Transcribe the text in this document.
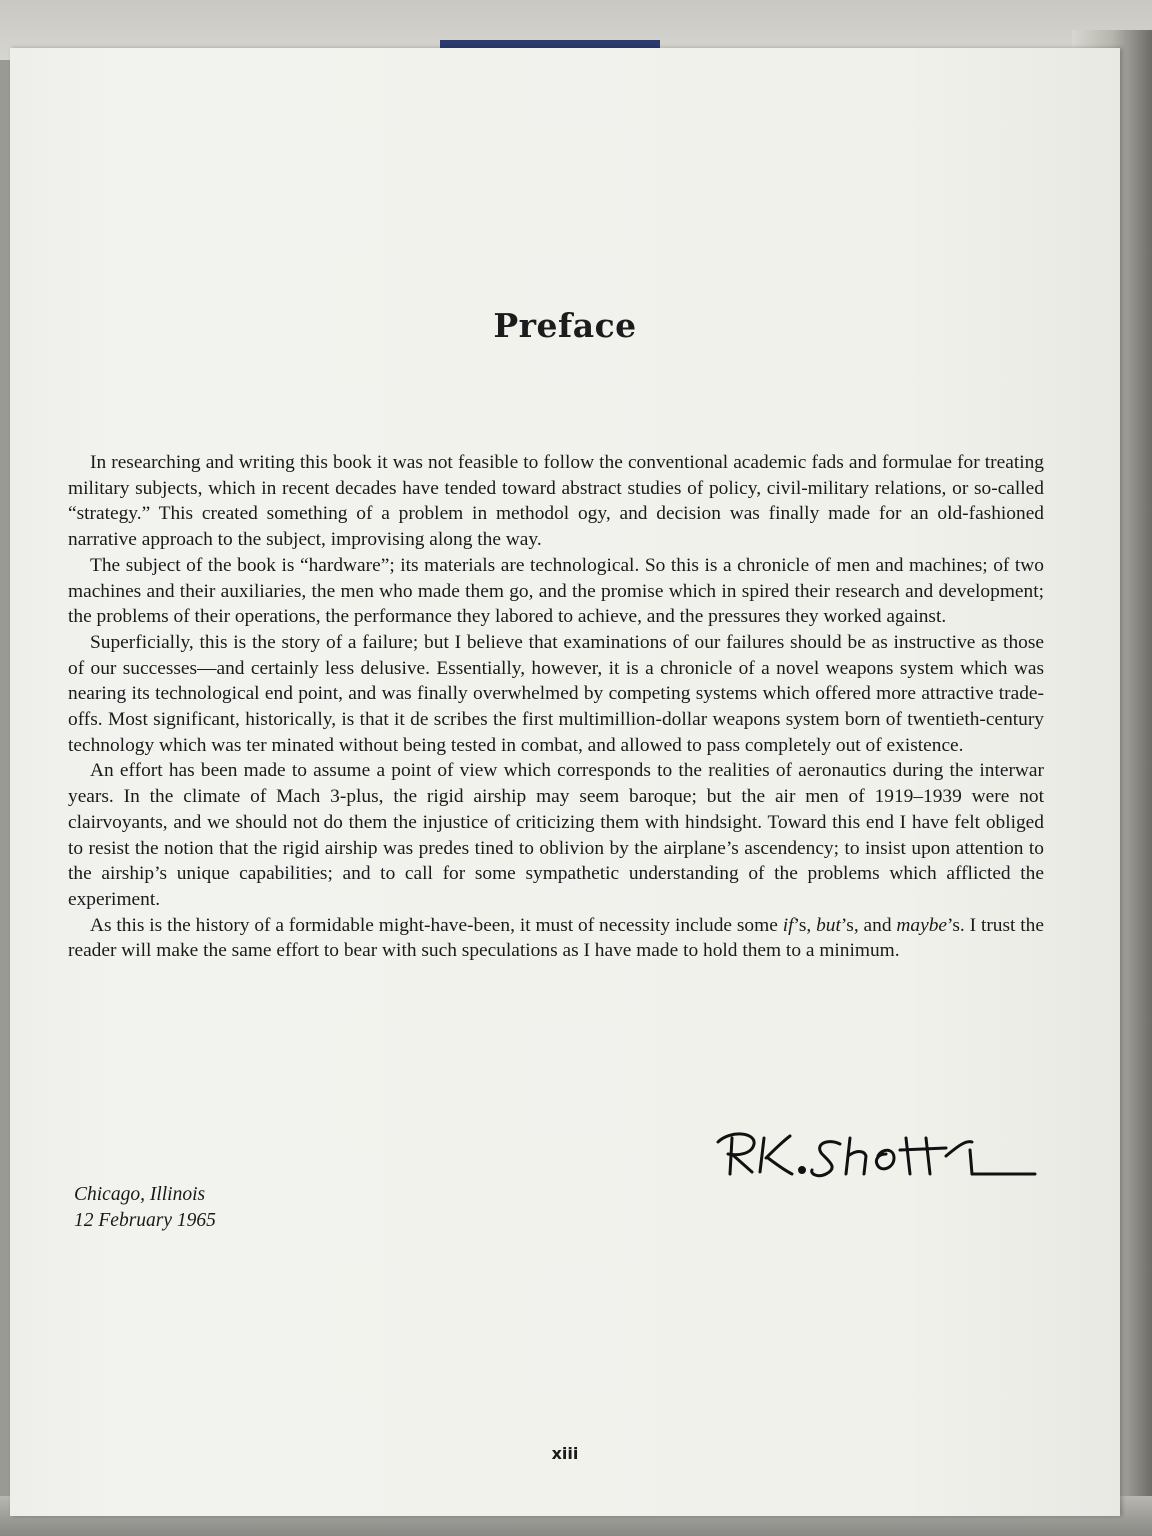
Preface

In researching and writing this book it was not feasible to follow the conventional academic fads and formulae for treating military subjects, which in recent decades have tended toward abstract studies of policy, civil-military relations, or so-called “strategy.” This created something of a problem in methodol ogy, and decision was finally made for an old-fashioned narrative approach to the subject, improvising along the way.

The subject of the book is “hardware”; its materials are technological. So this is a chronicle of men and machines; of two machines and their auxiliaries, the men who made them go, and the promise which in spired their research and development; the problems of their operations, the performance they labored to achieve, and the pressures they worked against.

Superficially, this is the story of a failure; but I believe that examinations of our failures should be as instructive as those of our successes—and certainly less delusive. Essentially, however, it is a chronicle of a novel weapons system which was nearing its technological end point, and was finally overwhelmed by competing systems which offered more attractive trade-offs. Most significant, historically, is that it de scribes the first multimillion-dollar weapons system born of twentieth-century technology which was ter minated without being tested in combat, and allowed to pass completely out of existence.

An effort has been made to assume a point of view which corresponds to the realities of aeronautics during the interwar years. In the climate of Mach 3-plus, the rigid airship may seem baroque; but the air men of 1919–1939 were not clairvoyants, and we should not do them the injustice of criticizing them with hindsight. Toward this end I have felt obliged to resist the notion that the rigid airship was predes tined to oblivion by the airplane’s ascendency; to insist upon attention to the airship’s unique capabilities; and to call for some sympathetic understanding of the problems which afflicted the experiment.

As this is the history of a formidable might-have-been, it must of necessity include some if’s, but’s, and maybe’s. I trust the reader will make the same effort to bear with such speculations as I have made to hold them to a minimum.

Chicago, Illinois
12 February 1965
xiii
